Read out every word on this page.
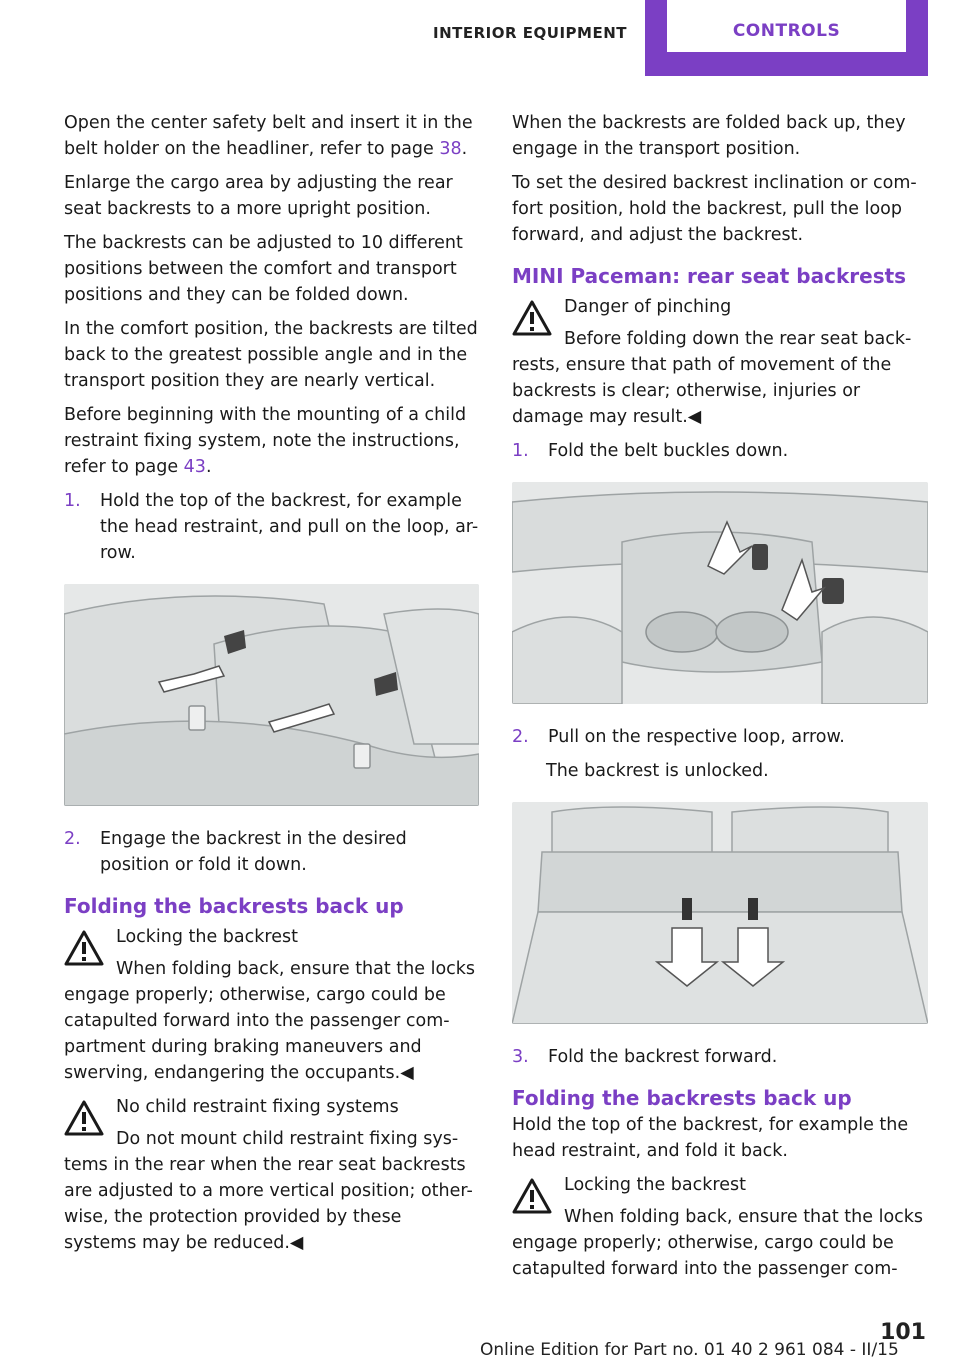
INTERIOR EQUIPMENT	CONTROLS

Open the center safety belt and insert it in the belt holder on the headliner, refer to page 38.

Enlarge the cargo area by adjusting the rear seat backrests to a more upright position.

The backrests can be adjusted to 10 different positions between the comfort and transport positions and they can be folded down.

In the comfort position, the backrests are tilted back to the greatest possible angle and in the transport position they are nearly vertical.

Before beginning with the mounting of a child restraint fixing system, note the instructions, refer to page 43.

1. Hold the top of the backrest, for example the head restraint, and pull on the loop, ar-row.
2. Engage the backrest in the desired position or fold it down.
Folding the backrests back up
Locking the backrest
When folding back, ensure that the locks engage properly; otherwise, cargo could be catapulted forward into the passenger com-partment during braking maneuvers and swerving, endangering the occupants.◀
No child restraint fixing systems
Do not mount child restraint fixing sys-tems in the rear when the rear seat backrests are adjusted to a more vertical position; other-wise, the protection provided by these systems may be reduced.◀

When the backrests are folded back up, they engage in the transport position.

To set the desired backrest inclination or com-fort position, hold the backrest, pull the loop forward, and adjust the backrest.

MINI Paceman: rear seat backrests
Danger of pinching
Before folding down the rear seat back-rests, ensure that path of movement of the backrests is clear; otherwise, injuries or damage may result.◀
1. Fold the belt buckles down.
2. Pull on the respective loop, arrow.
The backrest is unlocked.
3. Fold the backrest forward.
Folding the backrests back up

Hold the top of the backrest, for example the head restraint, and fold it back.

Locking the backrest
When folding back, ensure that the locks engage properly; otherwise, cargo could be catapulted forward into the passenger com-
101
Online Edition for Part no. 01 40 2 961 084 - II/15
